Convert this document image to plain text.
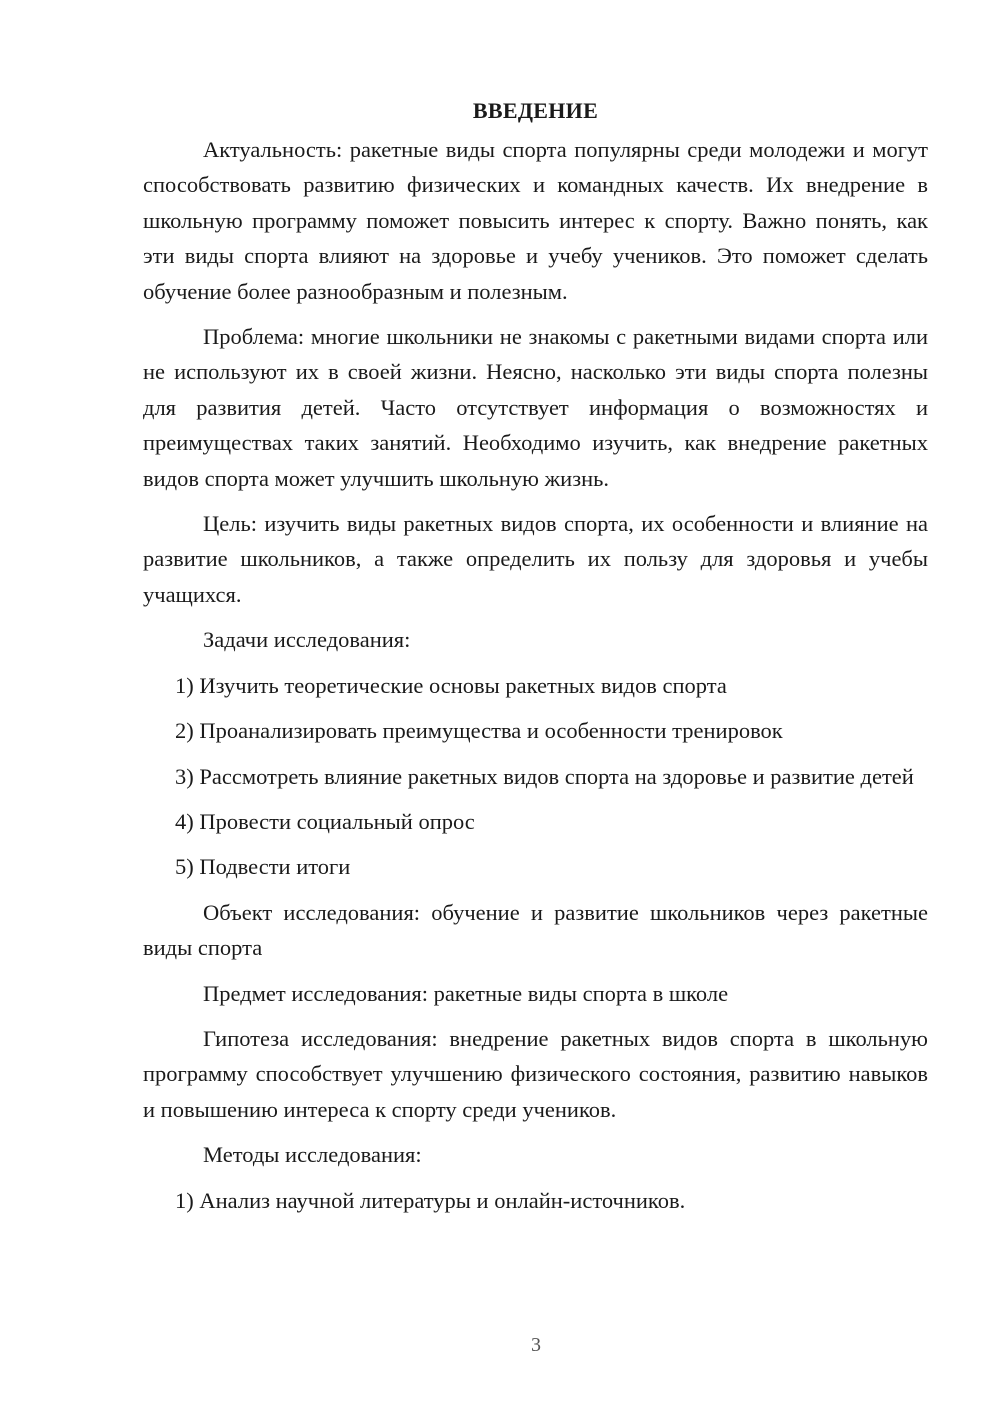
ВВЕДЕНИЕ

Актуальность: ракетные виды спорта популярны среди молодежи и могут способствовать развитию физических и командных качеств. Их внедрение в школьную программу поможет повысить интерес к спорту. Важно понять, как эти виды спорта влияют на здоровье и учебу учеников. Это поможет сделать обучение более разнообразным и полезным.

Проблема: многие школьники не знакомы с ракетными видами спорта или не используют их в своей жизни. Неясно, насколько эти виды спорта полезны для развития детей. Часто отсутствует информация о возможностях и преимуществах таких занятий. Необходимо изучить, как внедрение ракетных видов спорта может улучшить школьную жизнь.

Цель: изучить виды ракетных видов спорта, их особенности и влияние на развитие школьников, а также определить их пользу для здоровья и учебы учащихся.

Задачи исследования:

1) Изучить теоретические основы ракетных видов спорта

2) Проанализировать преимущества и особенности тренировок

3) Рассмотреть влияние ракетных видов спорта на здоровье и развитие детей

4) Провести социальный опрос

5) Подвести итоги

Объект исследования: обучение и развитие школьников через ракетные виды спорта

Предмет исследования: ракетные виды спорта в школе

Гипотеза исследования: внедрение ракетных видов спорта в школьную программу способствует улучшению физического состояния, развитию навыков и повышению интереса к спорту среди учеников.

Методы исследования:

1) Анализ научной литературы и онлайн-источников.

3
